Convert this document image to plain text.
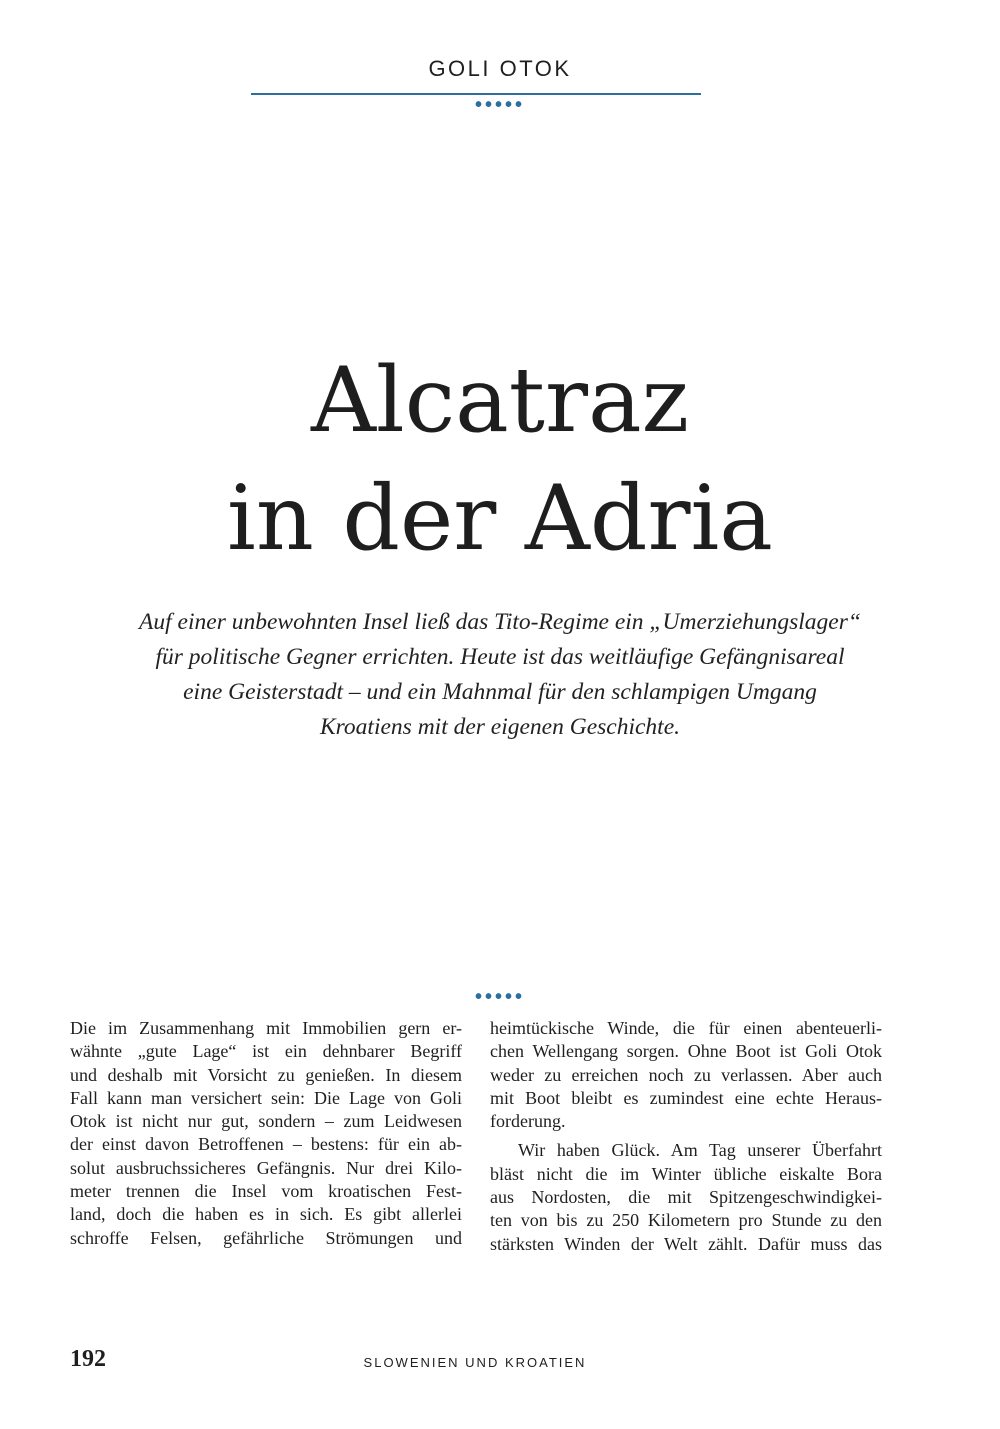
GOLI OTOK
•••••
Alcatraz
in der Adria
Auf einer unbewohnten Insel ließ das Tito-Regime ein „Umerziehungslager“
für politische Gegner errichten. Heute ist das weitläufige Gefängnisareal
eine Geisterstadt – und ein Mahnmal für den schlampigen Umgang
Kroatiens mit der eigenen Geschichte.
•••••
Die im Zusammenhang mit Immobilien gern er-
wähnte „gute Lage“ ist ein dehnbarer Begriff
und deshalb mit Vorsicht zu genießen. In diesem
Fall kann man versichert sein: Die Lage von Goli
Otok ist nicht nur gut, sondern – zum Leidwesen
der einst davon Betroffenen – bestens: für ein ab-
solut ausbruchssicheres Gefängnis. Nur drei Kilo-
meter trennen die Insel vom kroatischen Fest-
land, doch die haben es in sich. Es gibt allerlei
schroffe Felsen, gefährliche Strömungen und
heimtückische Winde, die für einen abenteuerli-
chen Wellengang sorgen. Ohne Boot ist Goli Otok
weder zu erreichen noch zu verlassen. Aber auch
mit Boot bleibt es zumindest eine echte Heraus-
forderung.
Wir haben Glück. Am Tag unserer Überfahrt
bläst nicht die im Winter übliche eiskalte Bora
aus Nordosten, die mit Spitzengeschwindigkei-
ten von bis zu 250 Kilometern pro Stunde zu den
stärksten Winden der Welt zählt. Dafür muss das
192	SLOWENIEN UND KROATIEN
